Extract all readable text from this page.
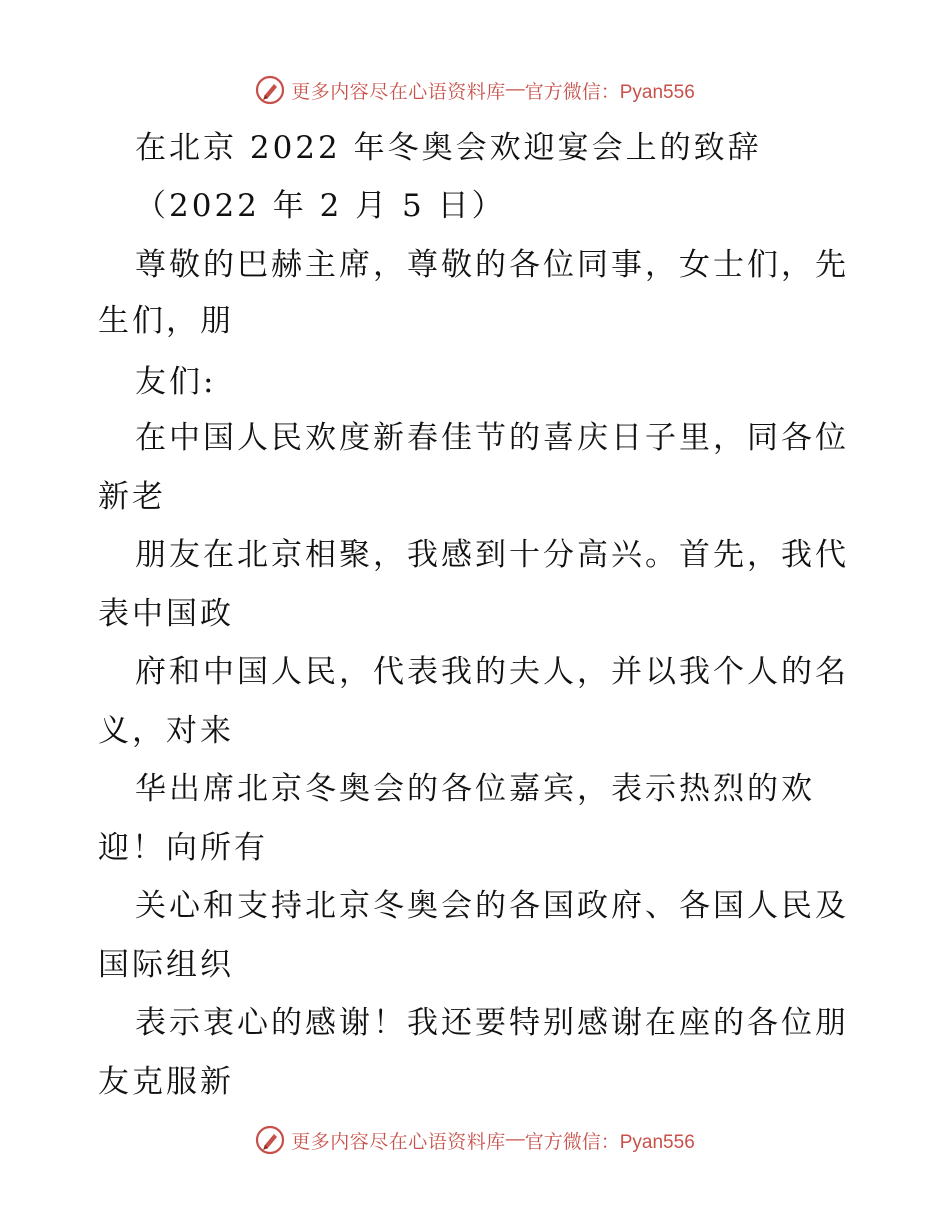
更多内容尽在心语资料库 — 官方微信：Pyan556
在北京 2022 年冬奥会欢迎宴会上的致辞
（2022 年 2 月 5 日）
尊敬的巴赫主席，尊敬的各位同事，女士们，先
生们，朋
友们:
在中国人民欢度新春佳节的喜庆日子里，同各位
新老
朋友在北京相聚，我感到十分高兴。首先，我代
表中国政
府和中国人民，代表我的夫人，并以我个人的名
义，对来
华出席北京冬奥会的各位嘉宾，表示热烈的欢
迎！向所有
关心和支持北京冬奥会的各国政府、各国人民及
国际组织
表示衷心的感谢！我还要特别感谢在座的各位朋
友克服新
更多内容尽在心语资料库 — 官方微信：Pyan556
